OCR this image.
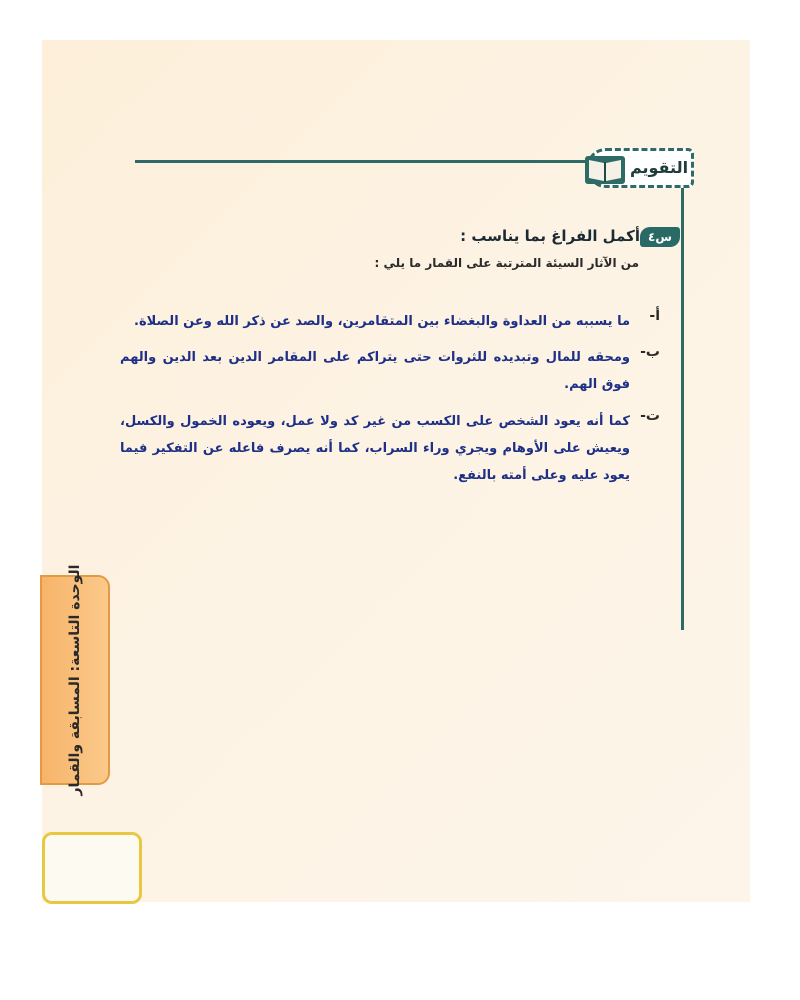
التقويم
س٤
أكمل الفراغ بما يناسب :
من الآثار السيئة المترتبة على القمار ما يلي :
أ-
ما يسببه من العداوة والبغضاء بين المتقامرين، والصد عن ذكر الله وعن الصلاة.
ب-
ومحقه للمال وتبديده للثروات حتى يتراكم على المقامر الدين بعد الدين والهم فوق الهم.
ت-
كما أنه يعود الشخص على الكسب من غير كد ولا عمل، ويعوده الخمول والكسل، ويعيش على الأوهام ويجري وراء السراب، كما أنه يصرف فاعله عن التفكير فيما يعود عليه وعلى أمته بالنفع.
الوحدة التاسعة: المسابقة والقمار
